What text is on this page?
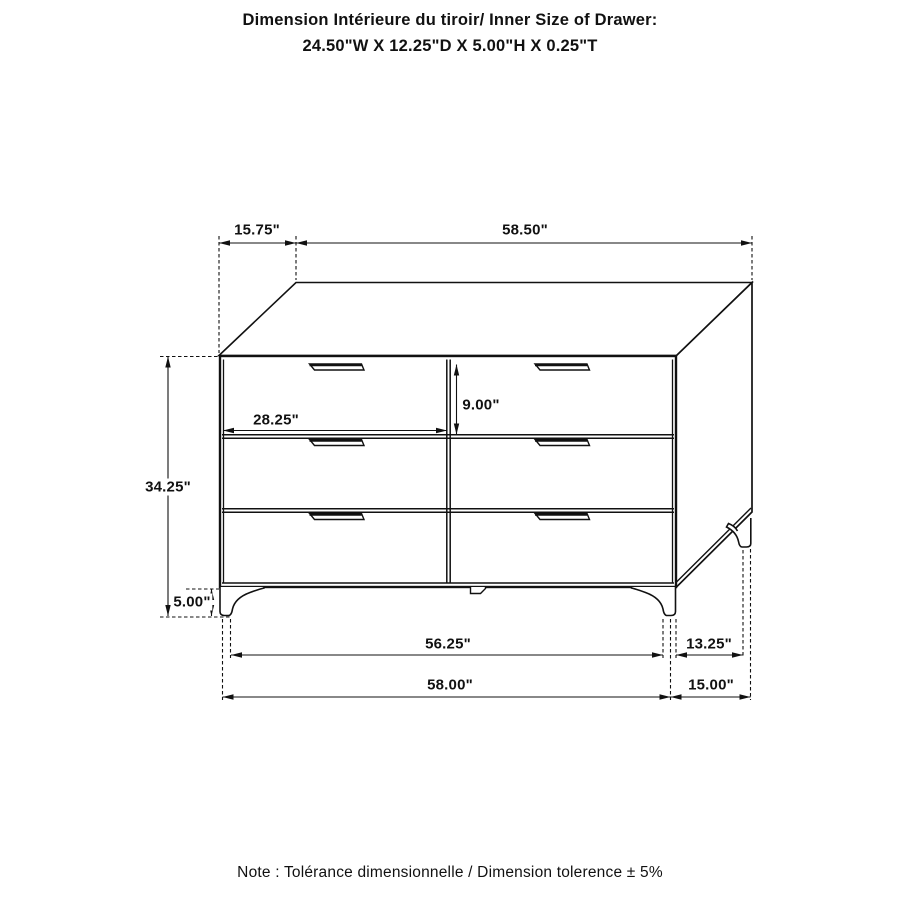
Dimension Intérieure du tiroir/ Inner Size of Drawer:
24.50"W X 12.25"D X 5.00"H X 0.25"T
15.75"	58.50"
34.25"
28.25"
9.00"
5.00"
56.25"	13.25"
58.00"	15.00"
Note : Tolérance dimensionnelle / Dimension tolerence ± 5%
